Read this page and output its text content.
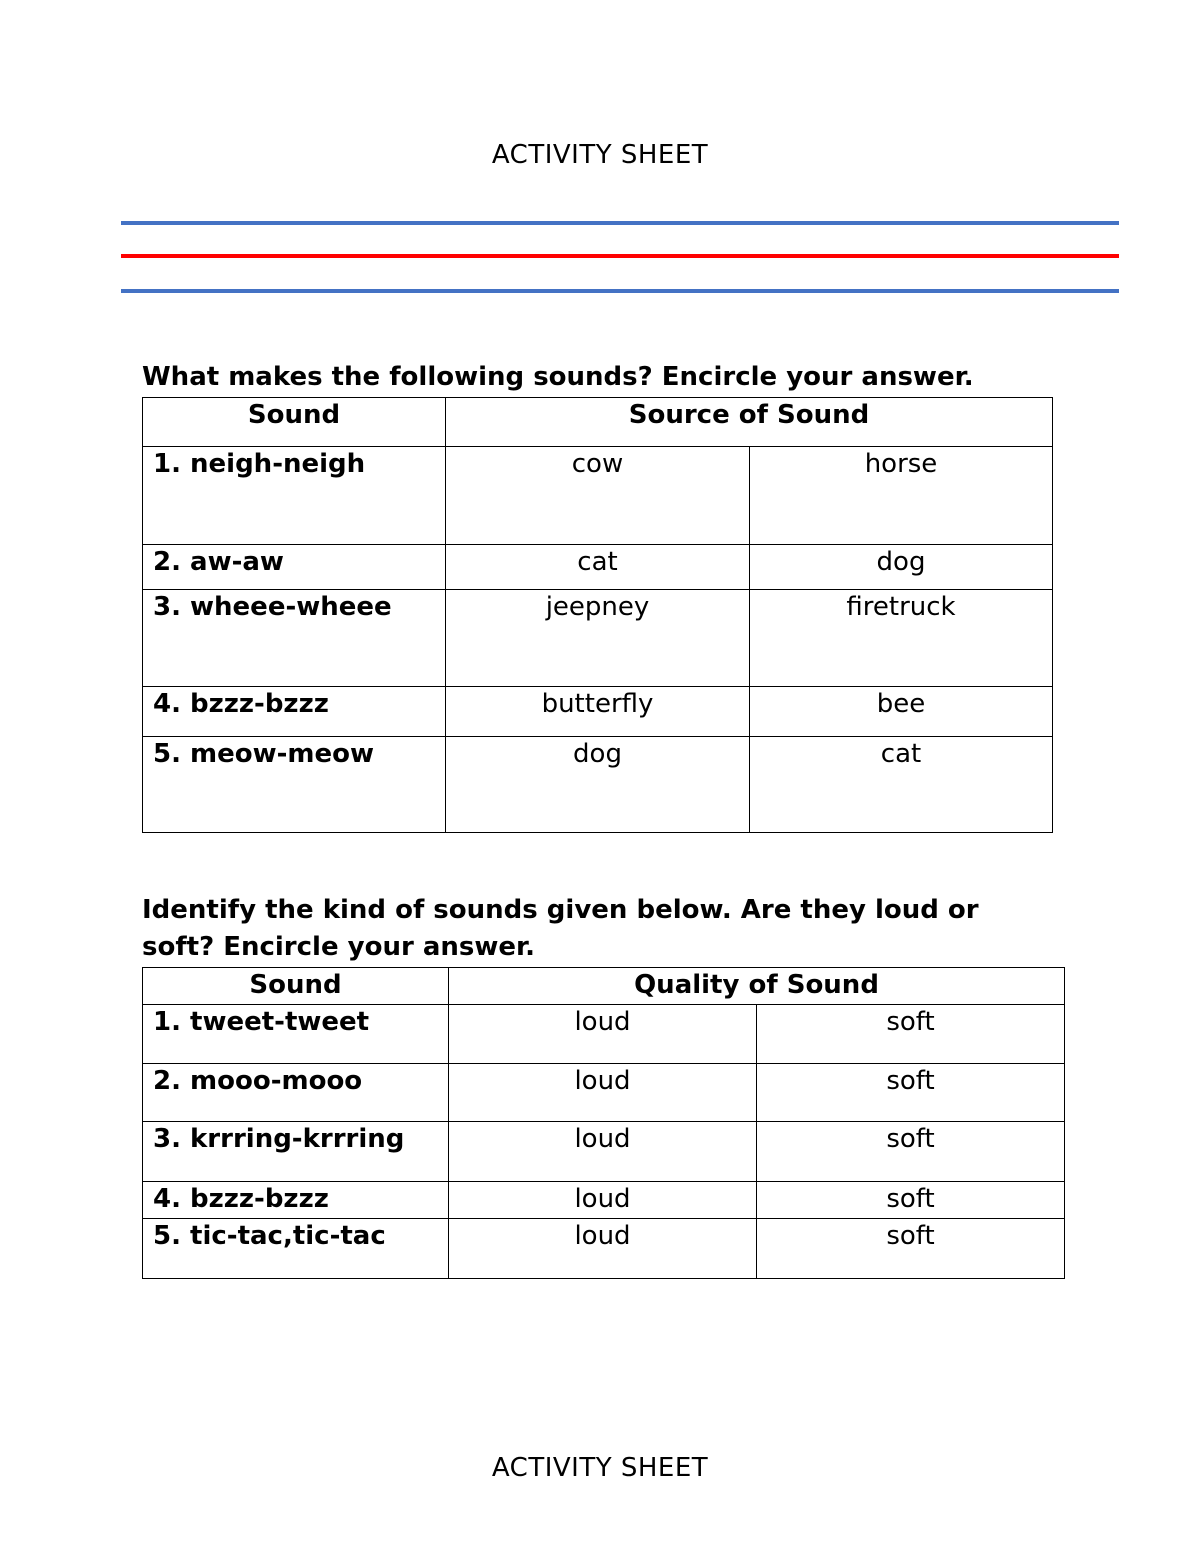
ACTIVITY SHEET
What makes the following sounds? Encircle your answer.
Sound	Source of Sound	
1. neigh-neigh	cow	horse
2. aw-aw	cat	dog
3. wheee-wheee	jeepney	firetruck
4. bzzz-bzzz	butterfly	bee
5. meow-meow	dog	cat
Identify the kind of sounds given below. Are they loud or
soft? Encircle your answer.
Sound	Quality of Sound	
1. tweet-tweet	loud	soft
2. mooo-mooo	loud	soft
3. krrring-krrring	loud	soft
4. bzzz-bzzz	loud	soft
5. tic-tac,tic-tac	loud	soft
ACTIVITY SHEET
